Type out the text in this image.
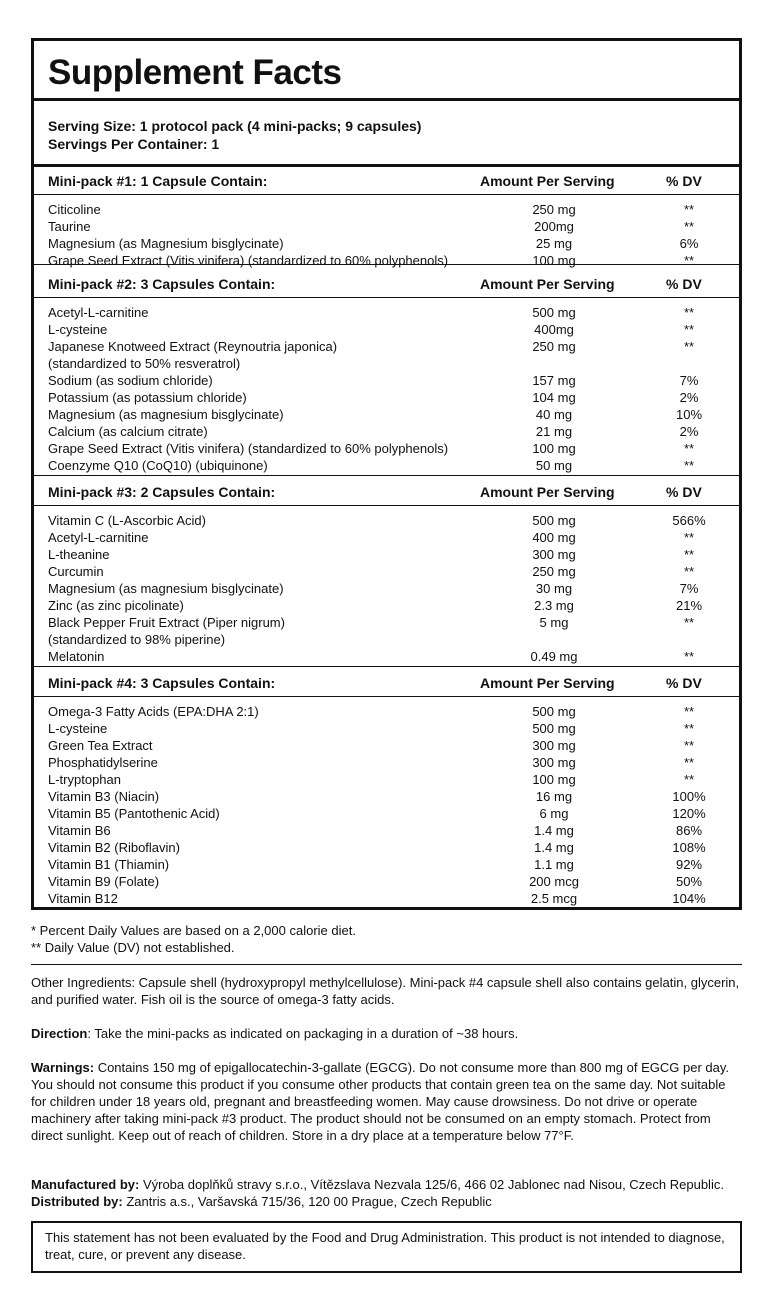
Supplement Facts
Serving Size: 1 protocol pack (4 mini-packs; 9 capsules)
Servings Per Container: 1
Mini-pack #1: 1 Capsule Contain:	Amount Per Serving	% DV
Citicoline	250 mg	**
Taurine	200mg	**
Magnesium (as Magnesium bisglycinate)	25 mg	6%
Grape Seed Extract (Vitis vinifera) (standardized to 60% polyphenols)	100 mg	**
Mini-pack #2: 3 Capsules Contain:	Amount Per Serving	% DV
Acetyl-L-carnitine	500 mg	**
L-cysteine	400mg	**
Japanese Knotweed Extract (Reynoutria japonica)	250 mg	**
(standardized to 50% resveratrol)
Sodium (as sodium chloride)	157 mg	7%
Potassium (as potassium chloride)	104 mg	2%
Magnesium (as magnesium bisglycinate)	40 mg	10%
Calcium (as calcium citrate)	21 mg	2%
Grape Seed Extract (Vitis vinifera) (standardized to 60% polyphenols)	100 mg	**
Coenzyme Q10 (CoQ10) (ubiquinone)	50 mg	**
Mini-pack #3: 2 Capsules Contain:	Amount Per Serving	% DV
Vitamin C (L-Ascorbic Acid)	500 mg	566%
Acetyl-L-carnitine	400 mg	**
L-theanine	300 mg	**
Curcumin	250 mg	**
Magnesium (as magnesium bisglycinate)	30 mg	7%
Zinc (as zinc picolinate)	2.3 mg	21%
Black Pepper Fruit Extract (Piper nigrum)	5 mg	**
(standardized to 98% piperine)
Melatonin	0.49 mg	**
Mini-pack #4: 3 Capsules Contain:	Amount Per Serving	% DV
Omega-3 Fatty Acids (EPA:DHA 2:1)	500 mg	**
L-cysteine	500 mg	**
Green Tea Extract	300 mg	**
Phosphatidylserine	300 mg	**
L-tryptophan	100 mg	**
Vitamin B3 (Niacin)	16 mg	100%
Vitamin B5 (Pantothenic Acid)	6 mg	120%
Vitamin B6	1.4 mg	86%
Vitamin B2 (Riboflavin)	1.4 mg	108%
Vitamin B1 (Thiamin)	1.1 mg	92%
Vitamin B9 (Folate)	200 mcg	50%
Vitamin B12	2.5 mcg	104%
* Percent Daily Values are based on a 2,000 calorie diet.
** Daily Value (DV) not established.
Other Ingredients: Capsule shell (hydroxypropyl methylcellulose). Mini-pack #4 capsule shell also contains gelatin, glycerin, and purified water. Fish oil is the source of omega-3 fatty acids.
Direction: Take the mini-packs as indicated on packaging in a duration of ~38 hours.
Warnings: Contains 150 mg of epigallocatechin-3-gallate (EGCG). Do not consume more than 800 mg of EGCG per day. You should not consume this product if you consume other products that contain green tea on the same day. Not suitable for children under 18 years old, pregnant and breastfeeding women. May cause drowsiness. Do not drive or operate machinery after taking mini-pack #3 product. The product should not be consumed on an empty stomach. Protect from direct sunlight. Keep out of reach of children. Store in a dry place at a temperature below 77°F.
Manufactured by: Výroba doplňků stravy s.r.o., Vítězslava Nezvala 125/6, 466 02 Jablonec nad Nisou, Czech Republic. Distributed by: Zantris a.s., Varšavská 715/36, 120 00 Prague, Czech Republic
This statement has not been evaluated by the Food and Drug Administration. This product is not intended to diagnose, treat, cure, or prevent any disease.
